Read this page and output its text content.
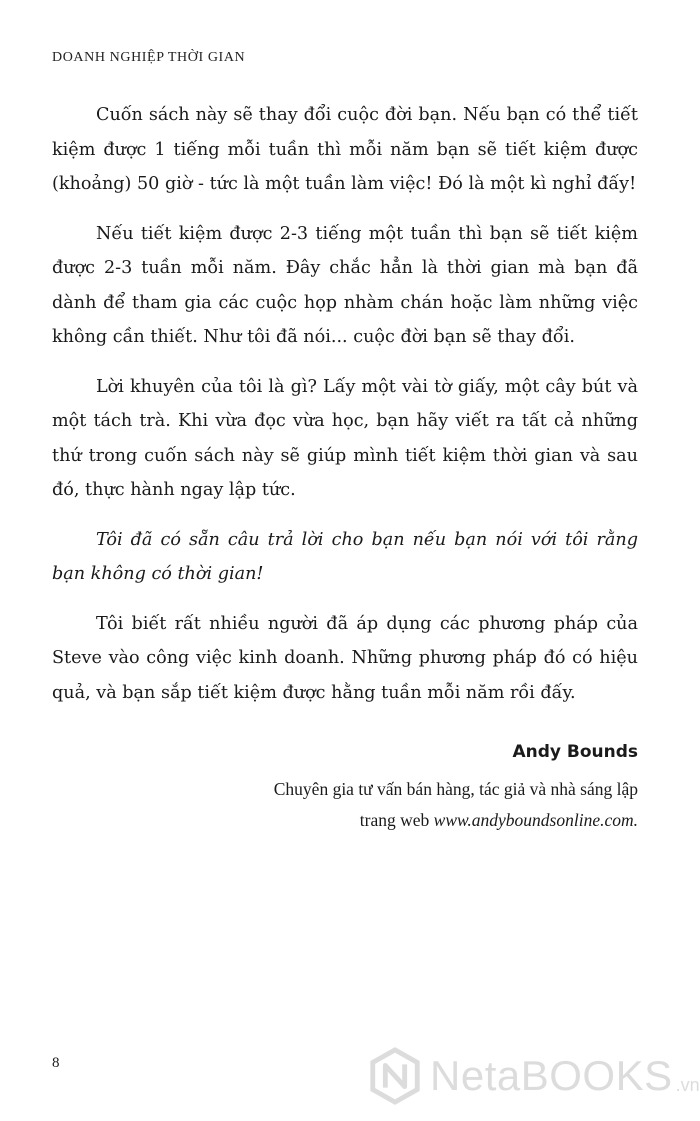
DOANH NGHIỆP THỜI GIAN

Cuốn sách này sẽ thay đổi cuộc đời bạn. Nếu bạn có thể tiết kiệm được 1 tiếng mỗi tuần thì mỗi năm bạn sẽ tiết kiệm được (khoảng) 50 giờ - tức là một tuần làm việc! Đó là một kì nghỉ đấy!

Nếu tiết kiệm được 2-3 tiếng một tuần thì bạn sẽ tiết kiệm được 2-3 tuần mỗi năm. Đây chắc hẳn là thời gian mà bạn đã dành để tham gia các cuộc họp nhàm chán hoặc làm những việc không cần thiết. Như tôi đã nói... cuộc đời bạn sẽ thay đổi.

Lời khuyên của tôi là gì? Lấy một vài tờ giấy, một cây bút và một tách trà. Khi vừa đọc vừa học, bạn hãy viết ra tất cả những thứ trong cuốn sách này sẽ giúp mình tiết kiệm thời gian và sau đó, thực hành ngay lập tức.

Tôi đã có sẵn câu trả lời cho bạn nếu bạn nói với tôi rằng bạn không có thời gian!

Tôi biết rất nhiều người đã áp dụng các phương pháp của Steve vào công việc kinh doanh. Những phương pháp đó có hiệu quả, và bạn sắp tiết kiệm được hằng tuần mỗi năm rồi đấy.

Andy Bounds
Chuyên gia tư vấn bán hàng, tác giả và nhà sáng lập
trang web www.andyboundsonline.com.
8	NetaBOOKS .vn
